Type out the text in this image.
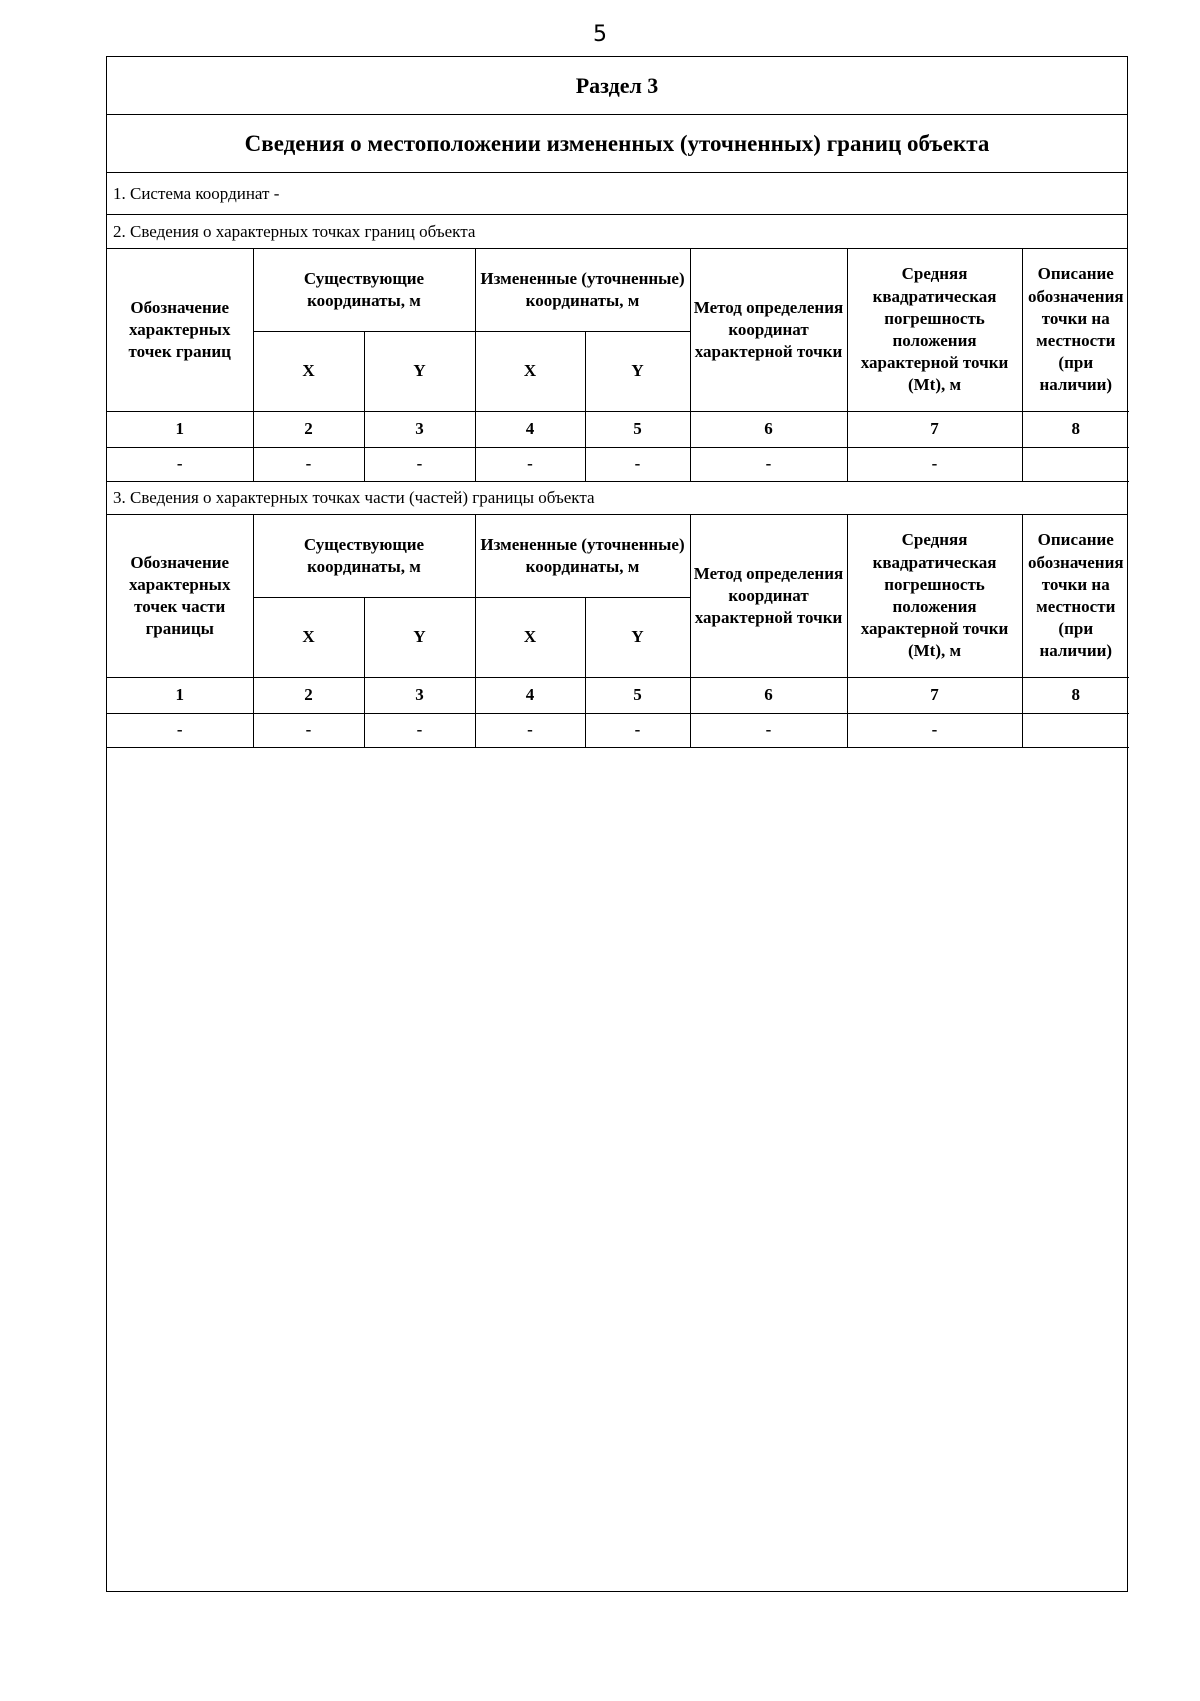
5
Раздел 3
Сведения о местоположении измененных (уточненных) границ объекта
1. Система координат -
2. Сведения о характерных точках границ объекта
Обозначение характерных точек границ	Существующие координаты, м		Измененные (уточненные) координаты, м		Метод определения координат характерной точки	Средняя квадратическая погрешность положения характерной точки (Mt), м	Описание обозначения точки на местности (при наличии)
	X	Y	X	Y			
1	2	3	4	5	6	7	8
-	-	-	-	-	-	-	
3. Сведения о характерных точках части (частей) границы объекта
Обозначение характерных точек части границы	Существующие координаты, м		Измененные (уточненные) координаты, м		Метод определения координат характерной точки	Средняя квадратическая погрешность положения характерной точки (Mt), м	Описание обозначения точки на местности (при наличии)
	X	Y	X	Y			
1	2	3	4	5	6	7	8
-	-	-	-	-	-	-	
